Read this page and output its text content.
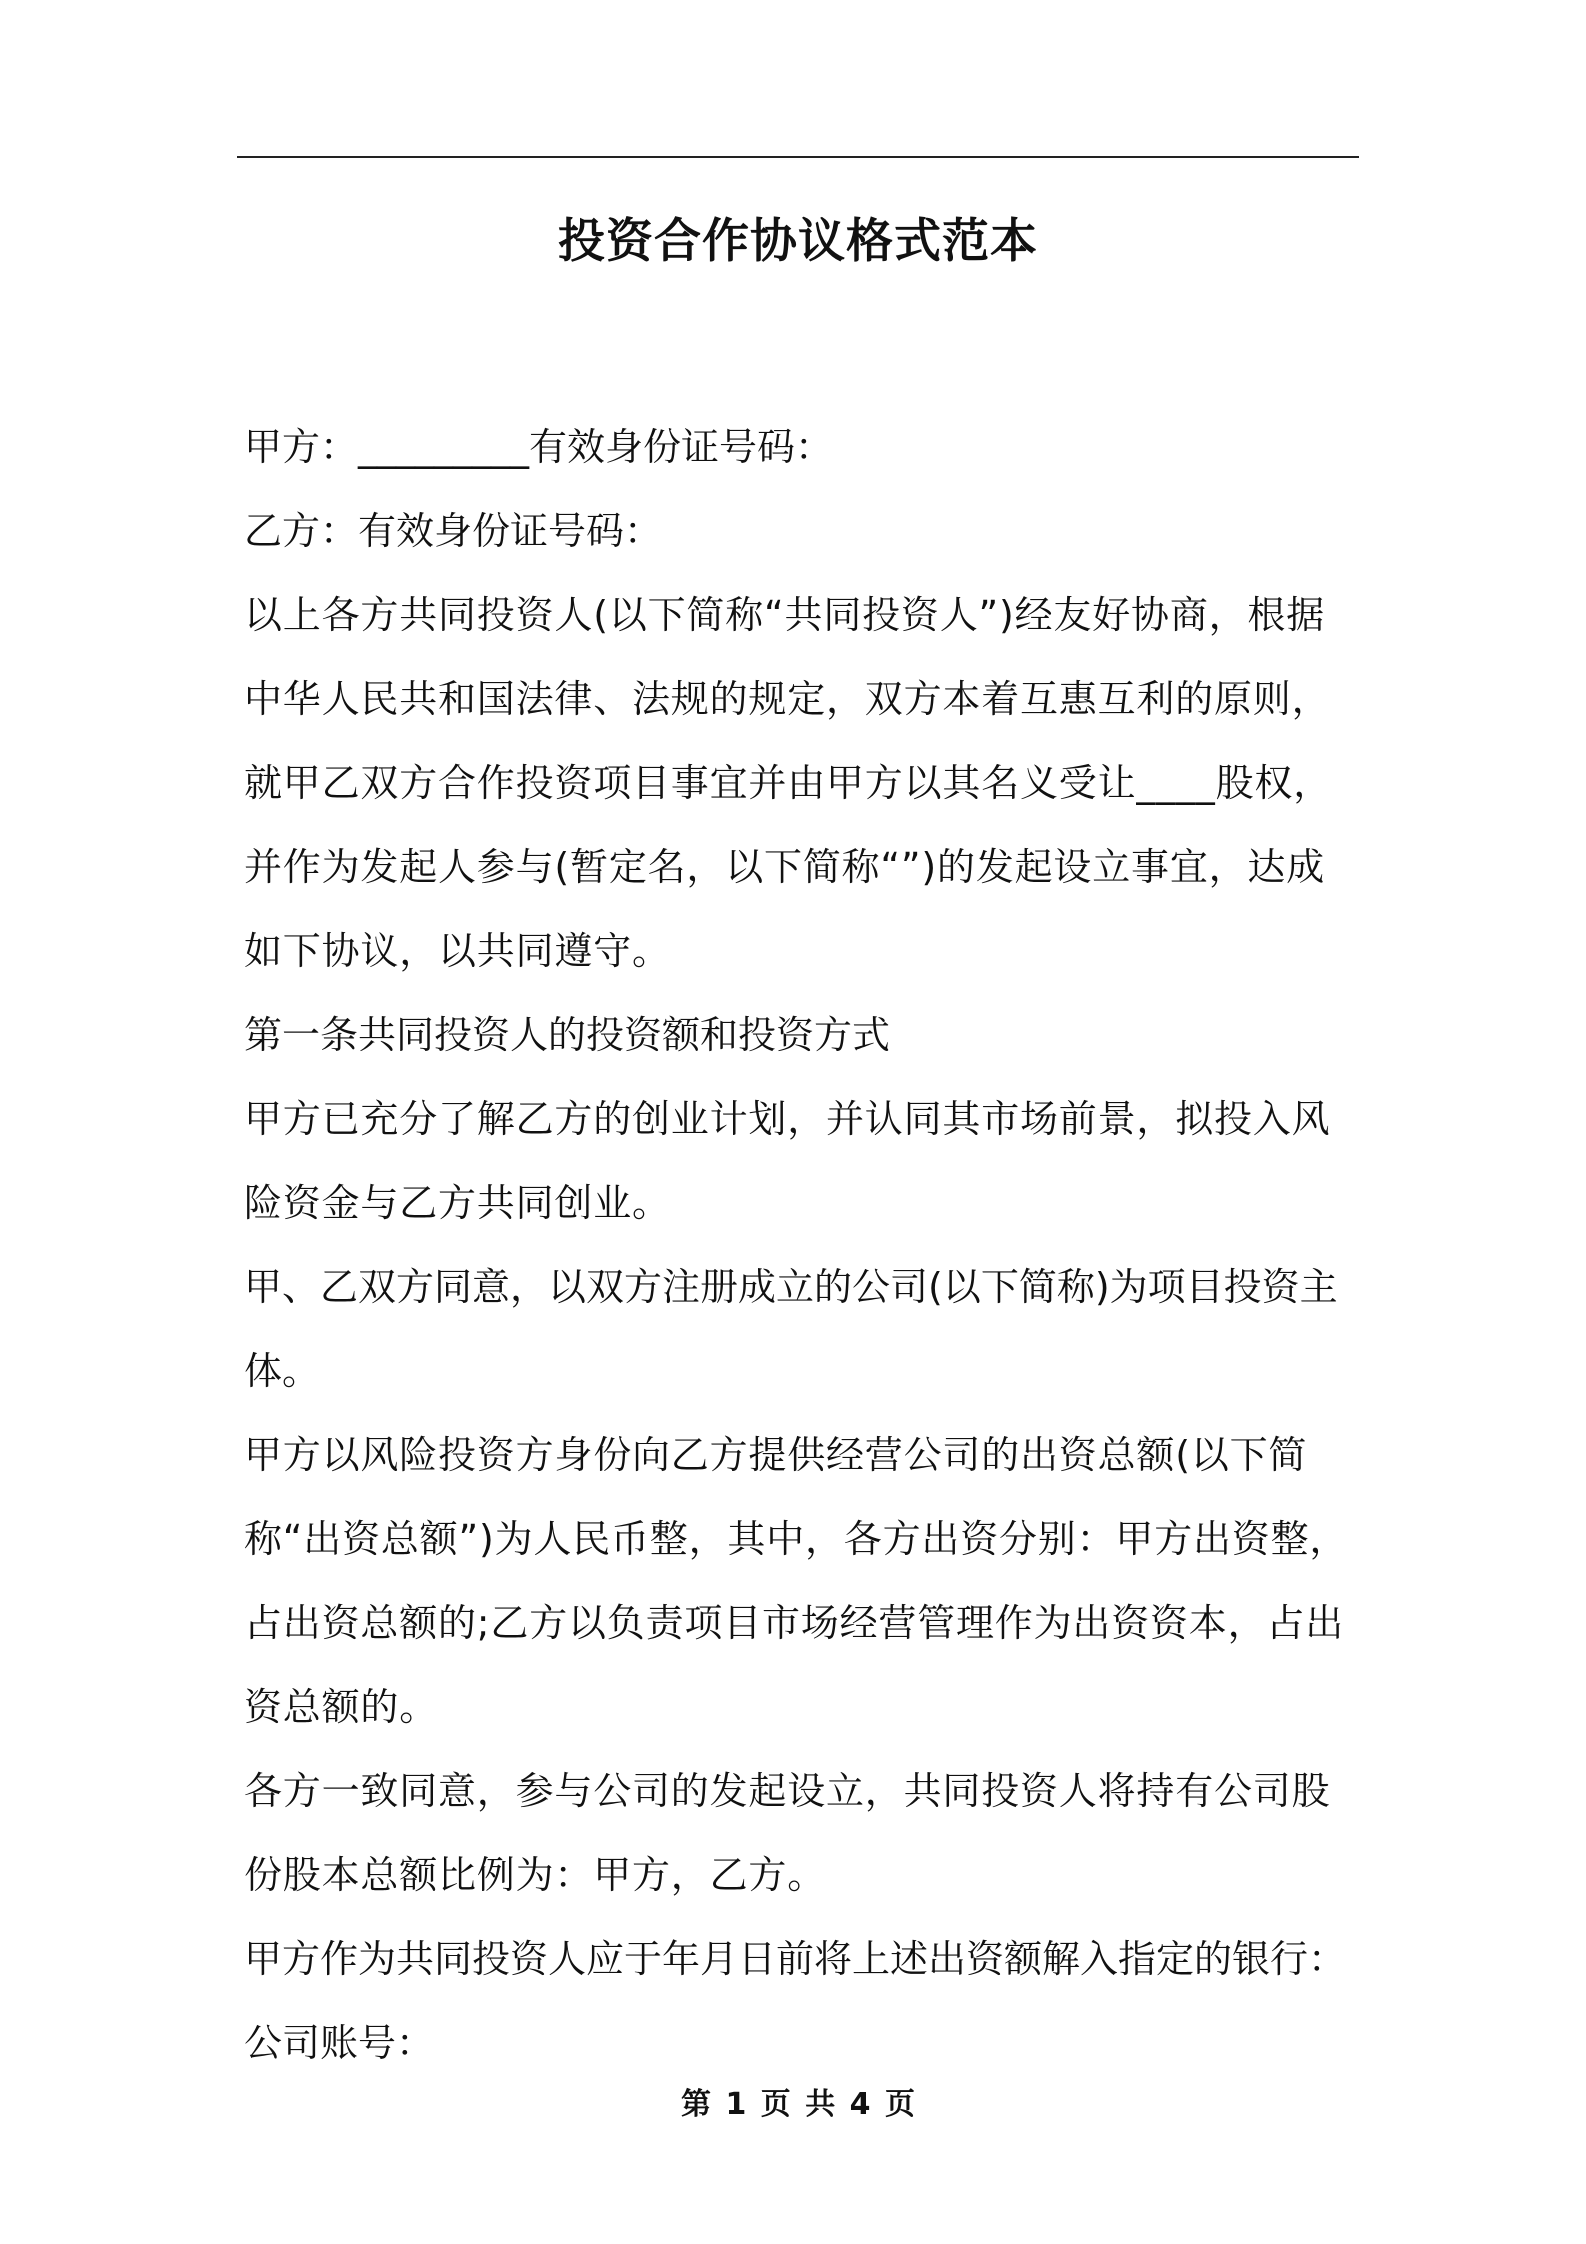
投资合作协议格式范本

甲方：_________有效身份证号码：

乙方：有效身份证号码：

以上各方共同投资人(以下简称“共同投资人”)经友好协商，根据中华人民共和国法律、法规的规定，双方本着互惠互利的原则，就甲乙双方合作投资项目事宜并由甲方以其名义受让____股权，并作为发起人参与(暂定名，以下简称“”)的发起设立事宜，达成如下协议，以共同遵守。

第一条共同投资人的投资额和投资方式

甲方已充分了解乙方的创业计划，并认同其市场前景，拟投入风险资金与乙方共同创业。

甲、乙双方同意，以双方注册成立的公司(以下简称)为项目投资主体。

甲方以风险投资方身份向乙方提供经营公司的出资总额(以下简称“出资总额”)为人民币整，其中，各方出资分别：甲方出资整，占出资总额的;乙方以负责项目市场经营管理作为出资资本，占出资总额的。

各方一致同意，参与公司的发起设立，共同投资人将持有公司股份股本总额比例为：甲方，乙方。

甲方作为共同投资人应于年月日前将上述出资额解入指定的银行：

公司账号：

第 1 页 共 4 页
